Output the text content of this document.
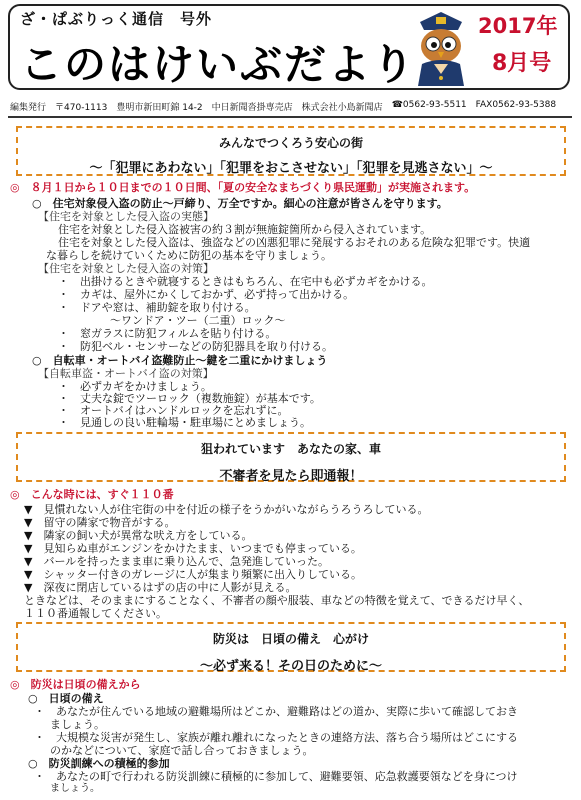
ざ・ぱぶりっく通信　号外
このはけいぶだより
2017年
8月号
編集発行 〒470-1113 豊明市新田町錦 14-2 中日新聞沓掛専売店 株式会社小島新聞店 ☎0562-93-5511 FAX0562-93-5388
みんなでつくろう安心の街
～「犯罪にあわない」「犯罪をおこさせない」「犯罪を見逃さない」～
◎　８月１日から１０日までの１０日間、「夏の安全なまちづくり県民運動」が実施されます。
○　住宅対象侵入盗の防止～戸締り、万全ですか。細心の注意が皆さんを守ります。
【住宅を対象とした侵入盗の実態】
住宅を対象とした侵入盗被害の約３割が無施錠箇所から侵入されています。
住宅を対象とした侵入盗は、強盗などの凶悪犯罪に発展するおそれのある危険な犯罪です。快適
な暮らしを続けていくために防犯の基本を守りましょう。
【住宅を対象とした侵入盗の対策】
・　出掛けるときや就寝するときはもちろん、在宅中も必ずカギをかける。
・　カギは、屋外にかくしておかず、必ず持って出かける。
・　ドアや窓は、補助錠を取り付ける。
～ワンドア・ツー（二重）ロック～
・　窓ガラスに防犯フィルムを貼り付ける。
・　防犯ベル・センサーなどの防犯器具を取り付ける。
○　自転車・オートバイ盗難防止～鍵を二重にかけましょう
【自転車盗・オートバイ盗の対策】
・　必ずカギをかけましょう。
・　丈夫な錠でツーロック（複数施錠）が基本です。
・　オートバイはハンドルロックを忘れずに。
・　見通しの良い駐輪場・駐車場にとめましょう。
狙われています　あなたの家、車
不審者を見たら即通報！
◎　こんな時には、すぐ１１０番
▼　見慣れない人が住宅街の中を付近の様子をうかがいながらうろうろしている。
▼　留守の隣家で物音がする。
▼　隣家の飼い犬が異常な吠え方をしている。
▼　見知らぬ車がエンジンをかけたまま、いつまでも停まっている。
▼　バールを持ったまま車に乗り込んで、急発進していった。
▼　シャッター付きのガレージに人が集まり頻繁に出入りしている。
▼　深夜に閉店しているはずの店の中に人影が見える。
ときなどは、そのままにすることなく、不審者の顔や服装、車などの特徴を覚えて、できるだけ早く、
１１０番通報してください。
防災は　日頃の備え　心がけ
～必ず来る！その日のために～
◎　防災は日頃の備えから
○　日頃の備え
・　あなたが住んでいる地域の避難場所はどこか、避難路はどの道か、実際に歩いて確認しておき
ましょう。
・　大規模な災害が発生し、家族が離れ離れになったときの連絡方法、落ち合う場所はどこにする
のかなどについて、家庭で話し合っておきましょう。
○　防災訓練への積極的参加
・　あなたの町で行われる防災訓練に積極的に参加して、避難要領、応急救護要領などを身につけ
ましょう。
